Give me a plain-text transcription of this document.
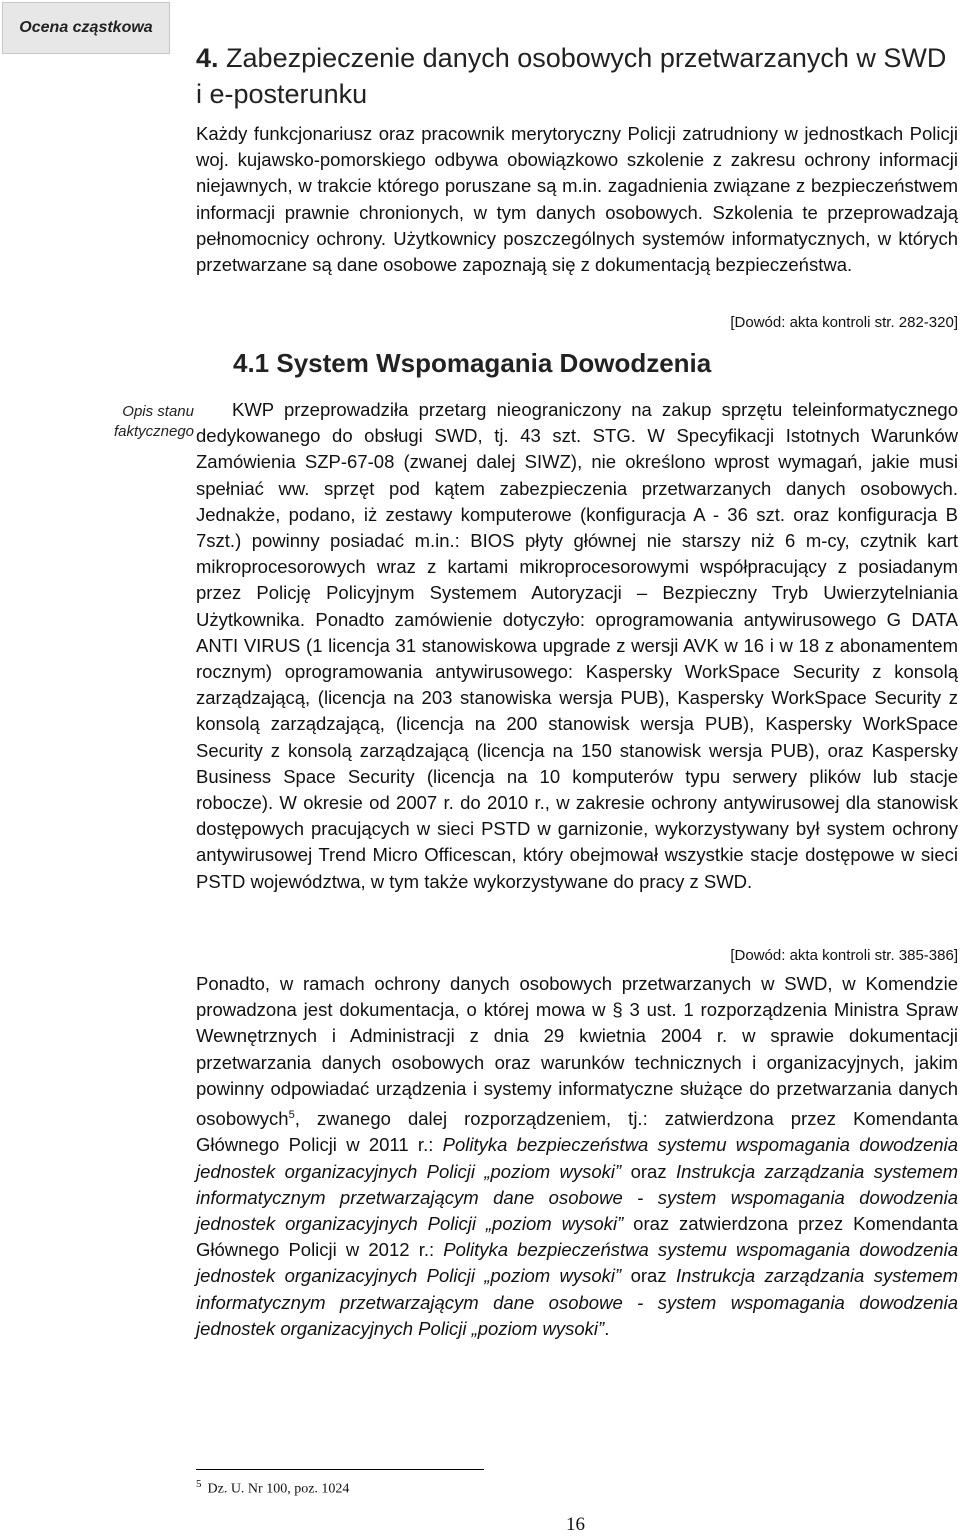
Ocena cząstkowa
Opis stanu
faktycznego
4. Zabezpieczenie danych osobowych przetwarzanych w SWD i e-posterunku

Każdy funkcjonariusz oraz pracownik merytoryczny Policji zatrudniony w jednostkach Policji woj. kujawsko-pomorskiego odbywa obowiązkowo szkolenie z zakresu ochrony informacji niejawnych, w trakcie którego poruszane są m.in. zagadnienia związane z bezpieczeństwem informacji prawnie chronionych, w tym danych osobowych. Szkolenia te przeprowadzają pełnomocnicy ochrony. Użytkownicy poszczególnych systemów informatycznych, w których przetwarzane są dane osobowe zapoznają się z dokumentacją bezpieczeństwa.

[Dowód: akta kontroli str. 282-320]
4.1 System Wspomagania Dowodzenia

KWP przeprowadziła przetarg nieograniczony na zakup sprzętu teleinformatycznego dedykowanego do obsługi SWD, tj. 43 szt. STG. W Specyfikacji Istotnych Warunków Zamówienia SZP-67-08 (zwanej dalej SIWZ), nie określono wprost wymagań, jakie musi spełniać ww. sprzęt pod kątem zabezpieczenia przetwarzanych danych osobowych. Jednakże, podano, iż zestawy komputerowe (konfiguracja A - 36 szt. oraz konfiguracja B 7szt.) powinny posiadać m.in.: BIOS płyty głównej nie starszy niż 6 m-cy, czytnik kart mikroprocesorowych wraz z kartami mikroprocesorowymi współpracujący z posiadanym przez Policję Policyjnym Systemem Autoryzacji – Bezpieczny Tryb Uwierzytelniania Użytkownika. Ponadto zamówienie dotyczyło: oprogramowania antywirusowego G DATA ANTI VIRUS (1 licencja 31 stanowiskowa upgrade z wersji AVK w 16 i w 18 z abonamentem rocznym) oprogramowania antywirusowego: Kaspersky WorkSpace Security z konsolą zarządzającą, (licencja na 203 stanowiska wersja PUB), Kaspersky WorkSpace Security z konsolą zarządzającą, (licencja na 200 stanowisk wersja PUB), Kaspersky WorkSpace Security z konsolą zarządzającą (licencja na 150 stanowisk wersja PUB), oraz Kaspersky Business Space Security (licencja na 10 komputerów typu serwery plików lub stacje robocze). W okresie od 2007 r. do 2010 r., w zakresie ochrony antywirusowej dla stanowisk dostępowych pracujących w sieci PSTD w garnizonie, wykorzystywany był system ochrony antywirusowej Trend Micro Officescan, który obejmował wszystkie stacje dostępowe w sieci PSTD województwa, w tym także wykorzystywane do pracy z SWD.

[Dowód: akta kontroli str. 385-386]

Ponadto, w ramach ochrony danych osobowych przetwarzanych w SWD, w Komendzie prowadzona jest dokumentacja, o której mowa w § 3 ust. 1 rozporządzenia Ministra Spraw Wewnętrznych i Administracji z dnia 29 kwietnia 2004 r. w sprawie dokumentacji przetwarzania danych osobowych oraz warunków technicznych i organizacyjnych, jakim powinny odpowiadać urządzenia i systemy informatyczne służące do przetwarzania danych osobowych$^5$, zwanego dalej rozporządzeniem, tj.: zatwierdzona przez Komendanta Głównego Policji w 2011 r.: Polityka bezpieczeństwa systemu wspomagania dowodzenia jednostek organizacyjnych Policji „poziom wysoki” oraz Instrukcja zarządzania systemem informatycznym przetwarzającym dane osobowe - system wspomagania dowodzenia jednostek organizacyjnych Policji „poziom wysoki” oraz zatwierdzona przez Komendanta Głównego Policji w 2012 r.: Polityka bezpieczeństwa systemu wspomagania dowodzenia jednostek organizacyjnych Policji „poziom wysoki” oraz Instrukcja zarządzania systemem informatycznym przetwarzającym dane osobowe - system wspomagania dowodzenia jednostek organizacyjnych Policji „poziom wysoki”.

$^5$ Dz. U. Nr 100, poz. 1024
16
